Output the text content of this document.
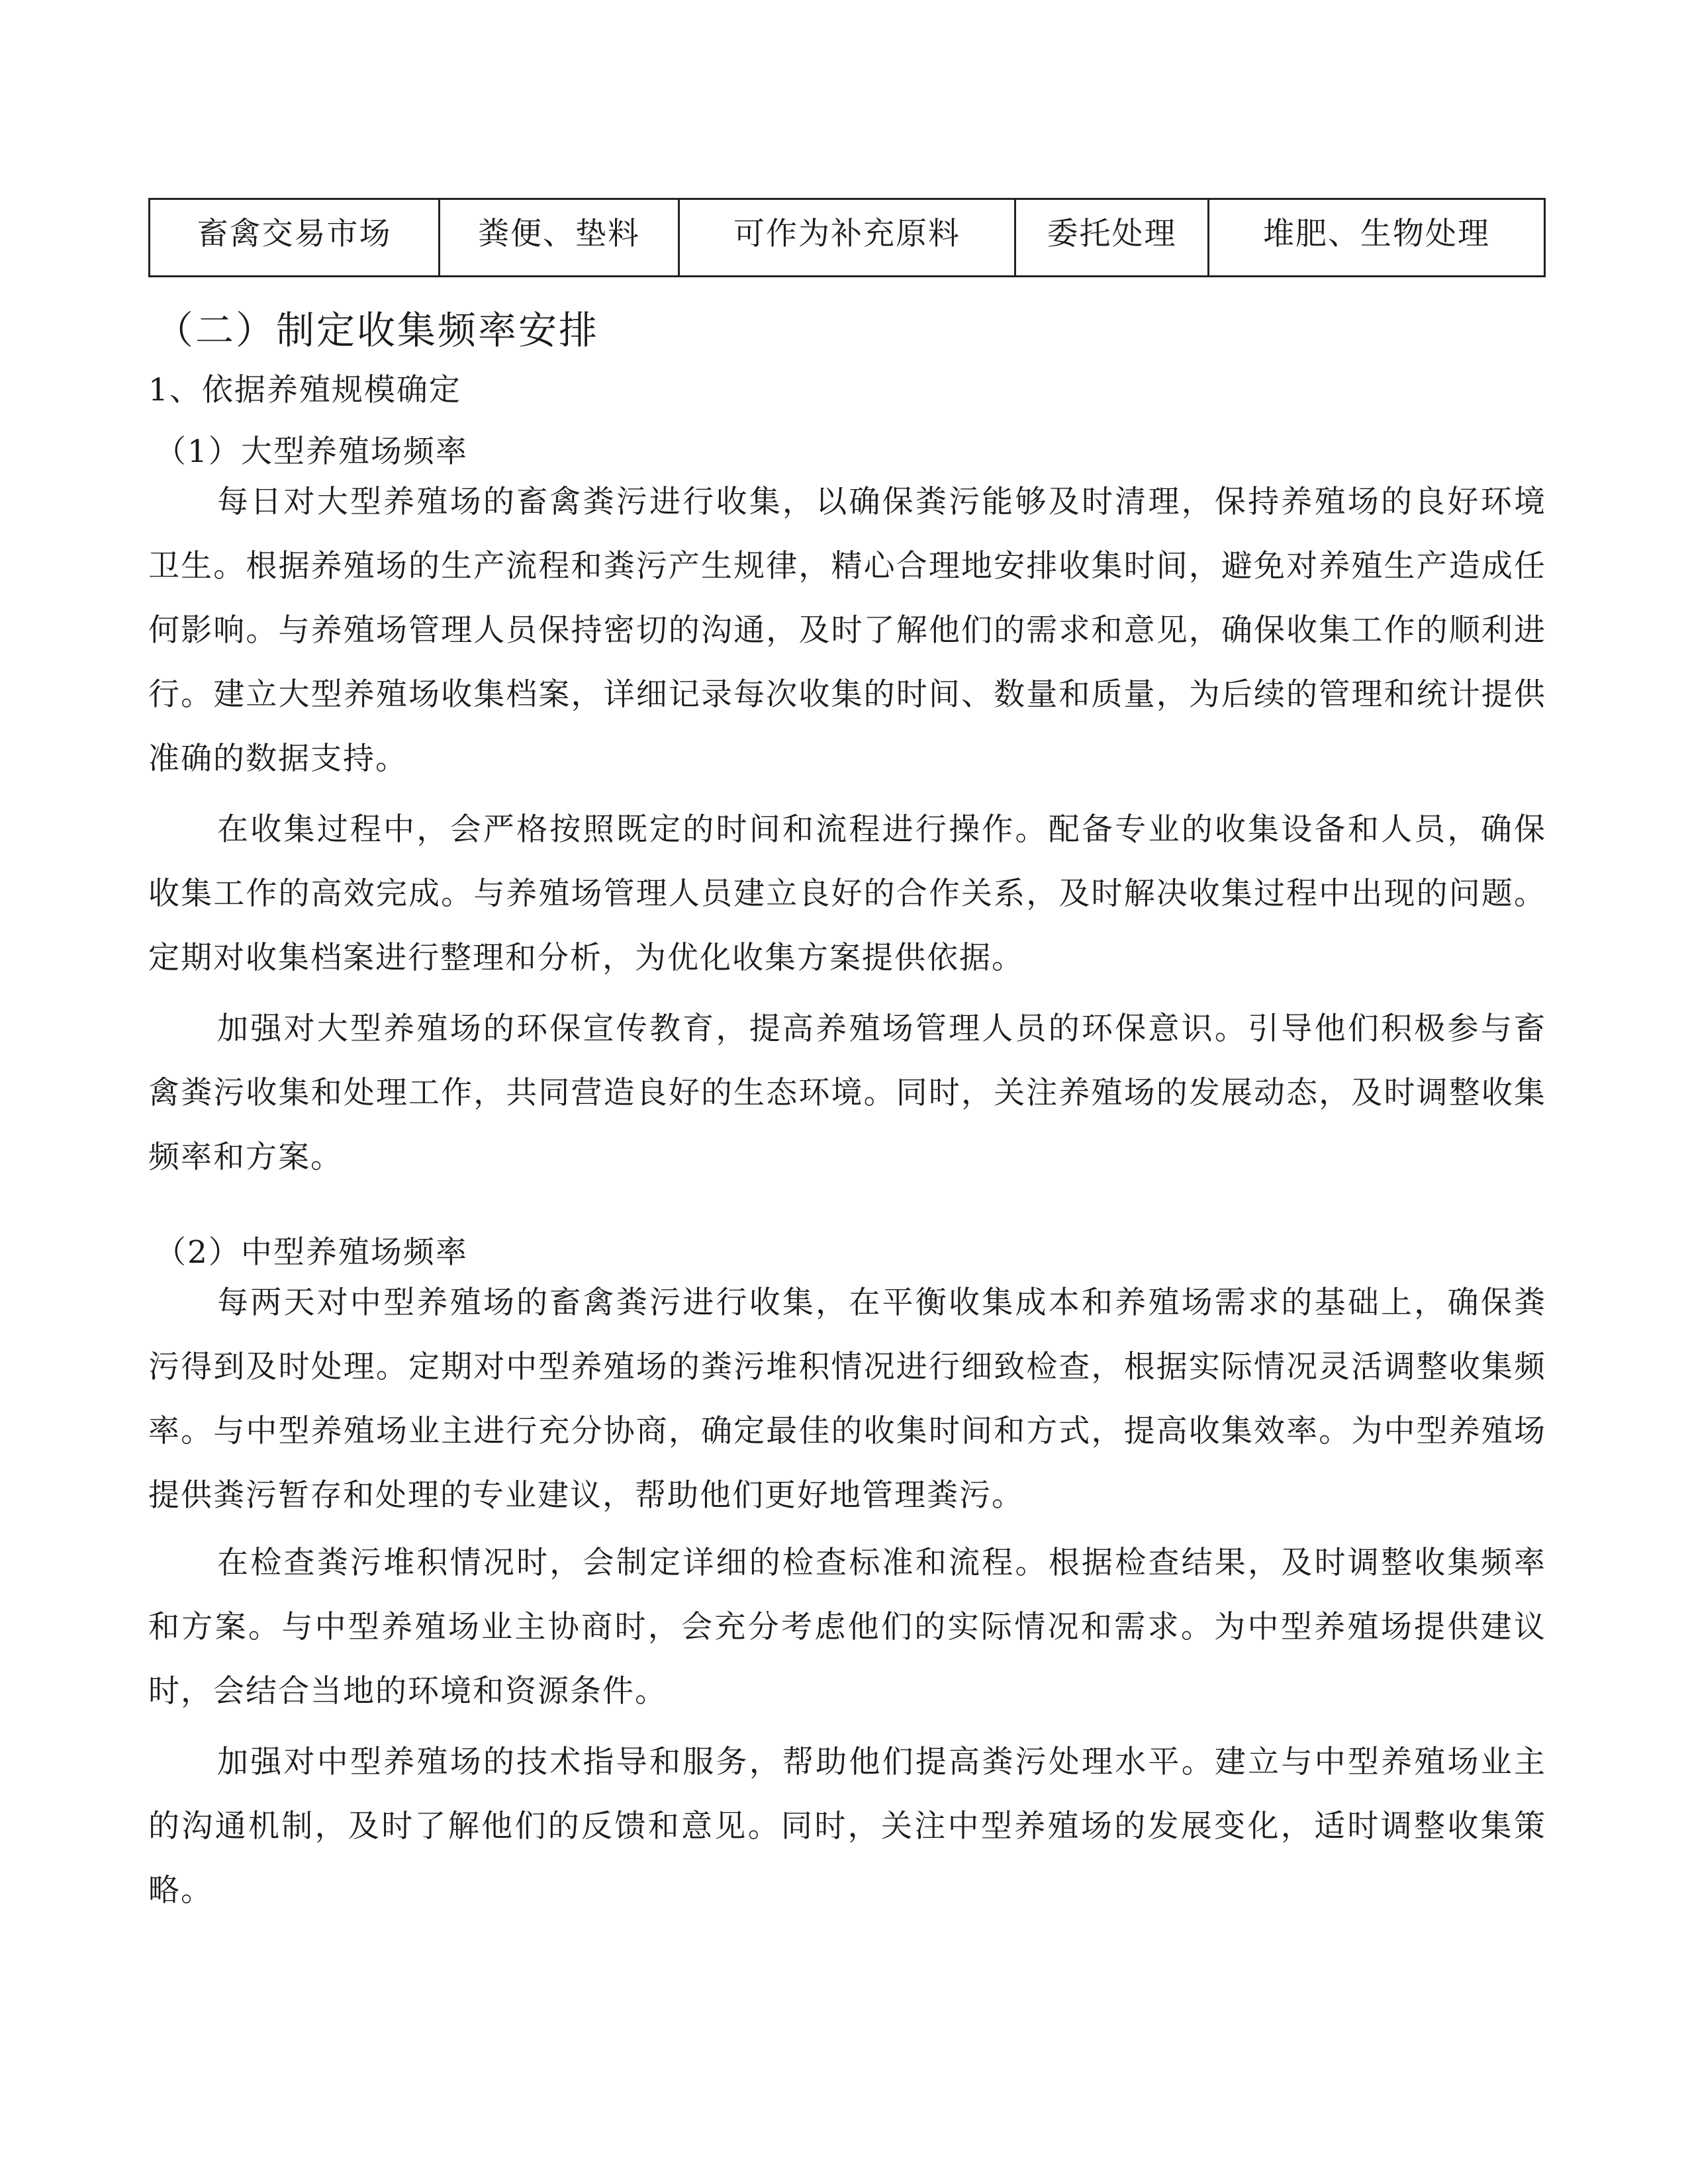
畜禽交易市场	粪便、垫料	可作为补充原料	委托处理	堆肥、生物处理
（二）制定收集频率安排
1、依据养殖规模确定
（1）大型养殖场频率

每日对大型养殖场的畜禽粪污进行收集，以确保粪污能够及时清理，保持养殖场的良好环境卫生。根据养殖场的生产流程和粪污产生规律，精心合理地安排收集时间，避免对养殖生产造成任何影响。与养殖场管理人员保持密切的沟通，及时了解他们的需求和意见，确保收集工作的顺利进行。建立大型养殖场收集档案，详细记录每次收集的时间、数量和质量，为后续的管理和统计提供准确的数据支持。

在收集过程中，会严格按照既定的时间和流程进行操作。配备专业的收集设备和人员，确保收集工作的高效完成。与养殖场管理人员建立良好的合作关系，及时解决收集过程中出现的问题。定期对收集档案进行整理和分析，为优化收集方案提供依据。

加强对大型养殖场的环保宣传教育，提高养殖场管理人员的环保意识。引导他们积极参与畜禽粪污收集和处理工作，共同营造良好的生态环境。同时，关注养殖场的发展动态，及时调整收集频率和方案。

（2）中型养殖场频率

每两天对中型养殖场的畜禽粪污进行收集，在平衡收集成本和养殖场需求的基础上，确保粪污得到及时处理。定期对中型养殖场的粪污堆积情况进行细致检查，根据实际情况灵活调整收集频率。与中型养殖场业主进行充分协商，确定最佳的收集时间和方式，提高收集效率。为中型养殖场提供粪污暂存和处理的专业建议，帮助他们更好地管理粪污。

在检查粪污堆积情况时，会制定详细的检查标准和流程。根据检查结果，及时调整收集频率和方案。与中型养殖场业主协商时，会充分考虑他们的实际情况和需求。为中型养殖场提供建议时，会结合当地的环境和资源条件。

加强对中型养殖场的技术指导和服务，帮助他们提高粪污处理水平。建立与中型养殖场业主的沟通机制，及时了解他们的反馈和意见。同时，关注中型养殖场的发展变化，适时调整收集策略。
